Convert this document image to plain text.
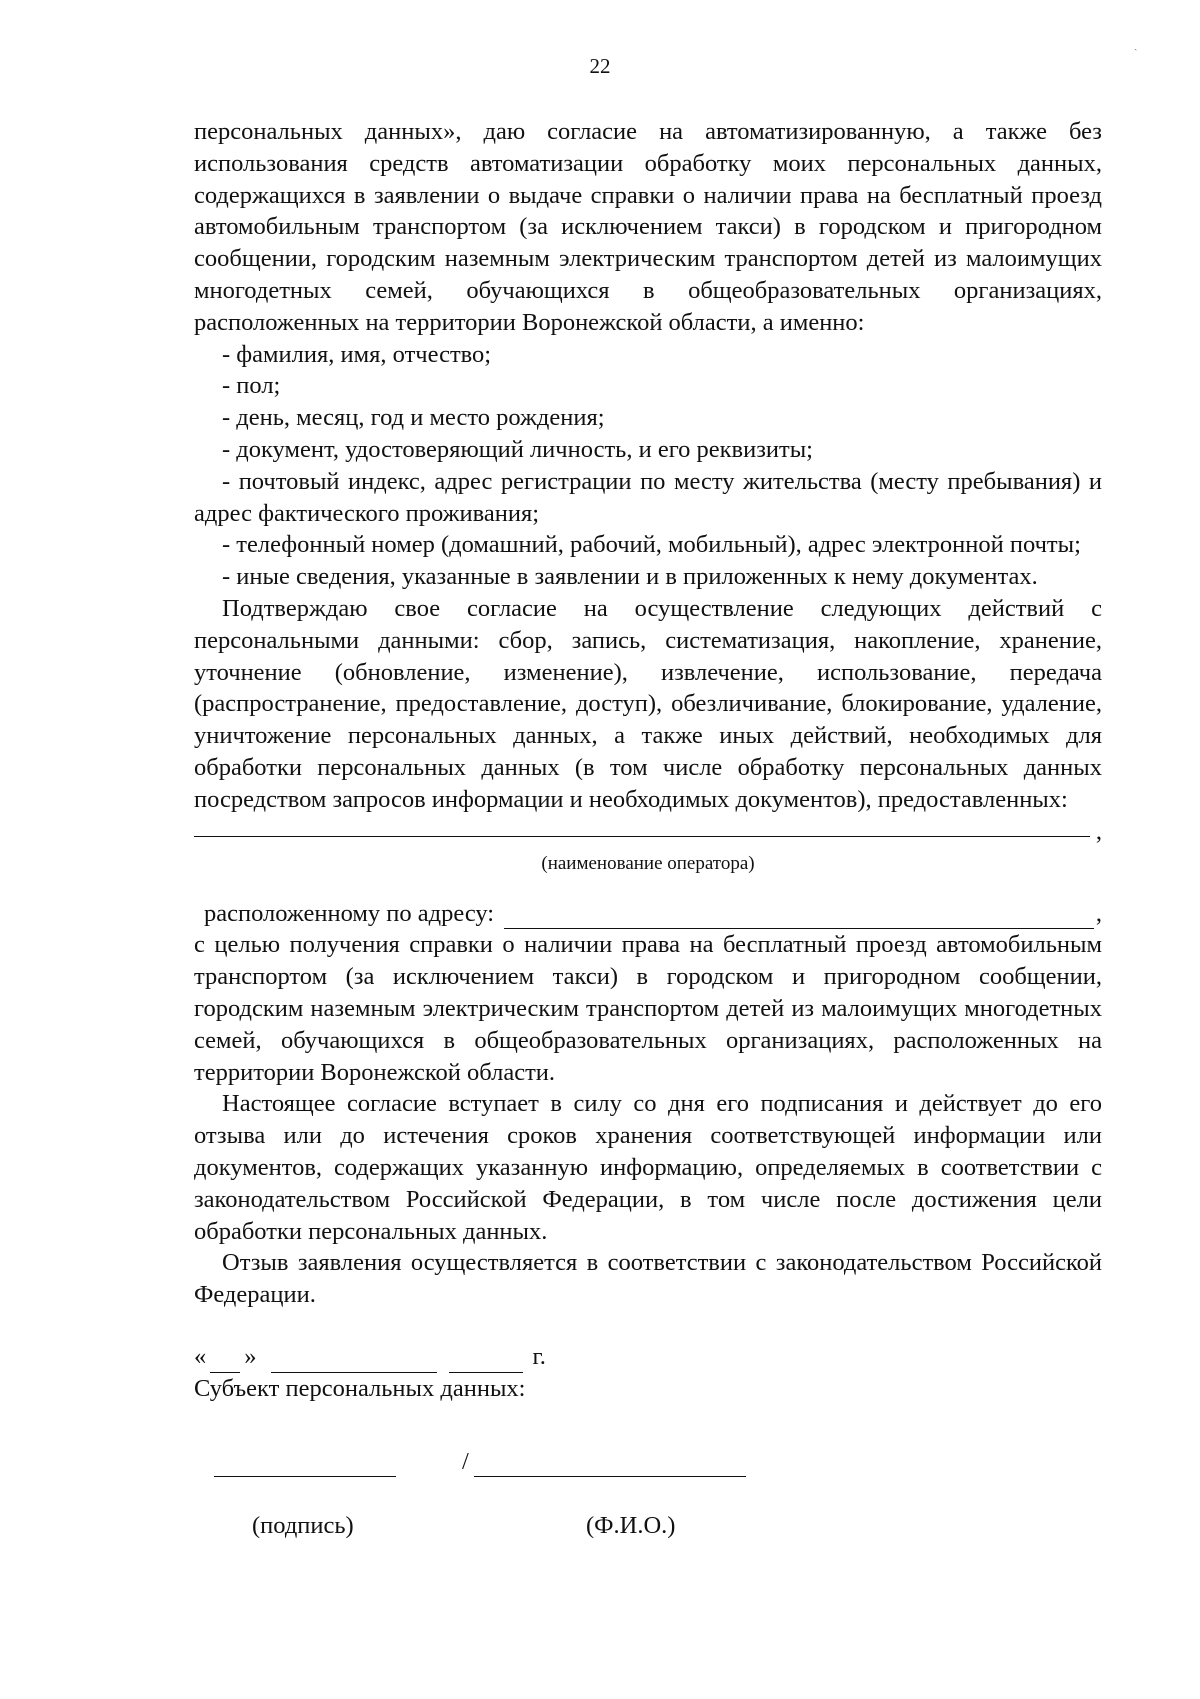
22
ˎ

персональных данных», даю согласие на автоматизированную, а также без использования средств автоматизации обработку моих персональных данных, содержащихся в заявлении о выдаче справки о наличии права на бесплатный проезд автомобильным транспортом (за исключением такси) в городском и пригородном сообщении, городским наземным электрическим транспортом детей из малоимущих многодетных семей, обучающихся в общеобразовательных организациях, расположенных на территории Воронежской области, а именно:

- фамилия, имя, отчество;

- пол;

- день, месяц, год и место рождения;

- документ, удостоверяющий личность, и его реквизиты;

- почтовый индекс, адрес регистрации по месту жительства (месту пребывания) и адрес фактического проживания;

- телефонный номер (домашний, рабочий, мобильный), адрес электронной почты;

- иные сведения, указанные в заявлении и в приложенных к нему документах.

Подтверждаю свое согласие на осуществление следующих действий с персональными данными: сбор, запись, систематизация, накопление, хранение, уточнение (обновление, изменение), извлечение, использование, передача (распространение, предоставление, доступ), обезличивание, блокирование, удаление, уничтожение персональных данных, а также иных действий, необходимых для обработки персональных данных (в том числе обработку персональных данных посредством запросов информации и необходимых документов), предоставленных:

,
(наименование оператора)
расположенному по адресу:	,

с целью получения справки о наличии права на бесплатный проезд автомобильным транспортом (за исключением такси) в городском и пригородном сообщении, городским наземным электрическим транспортом детей из малоимущих многодетных семей, обучающихся в общеобразовательных организациях, расположенных на территории Воронежской области.

Настоящее согласие вступает в силу со дня его подписания и действует до его отзыва или до истечения сроков хранения соответствующей информации или документов, содержащих указанную информацию, определяемых в соответствии с законодательством Российской Федерации, в том числе после достижения цели обработки персональных данных.

Отзыв заявления осуществляется в соответствии с законодательством Российской Федерации.

« »	г.

Субъект персональных данных:

/
(подпись)	(Ф.И.О.)
